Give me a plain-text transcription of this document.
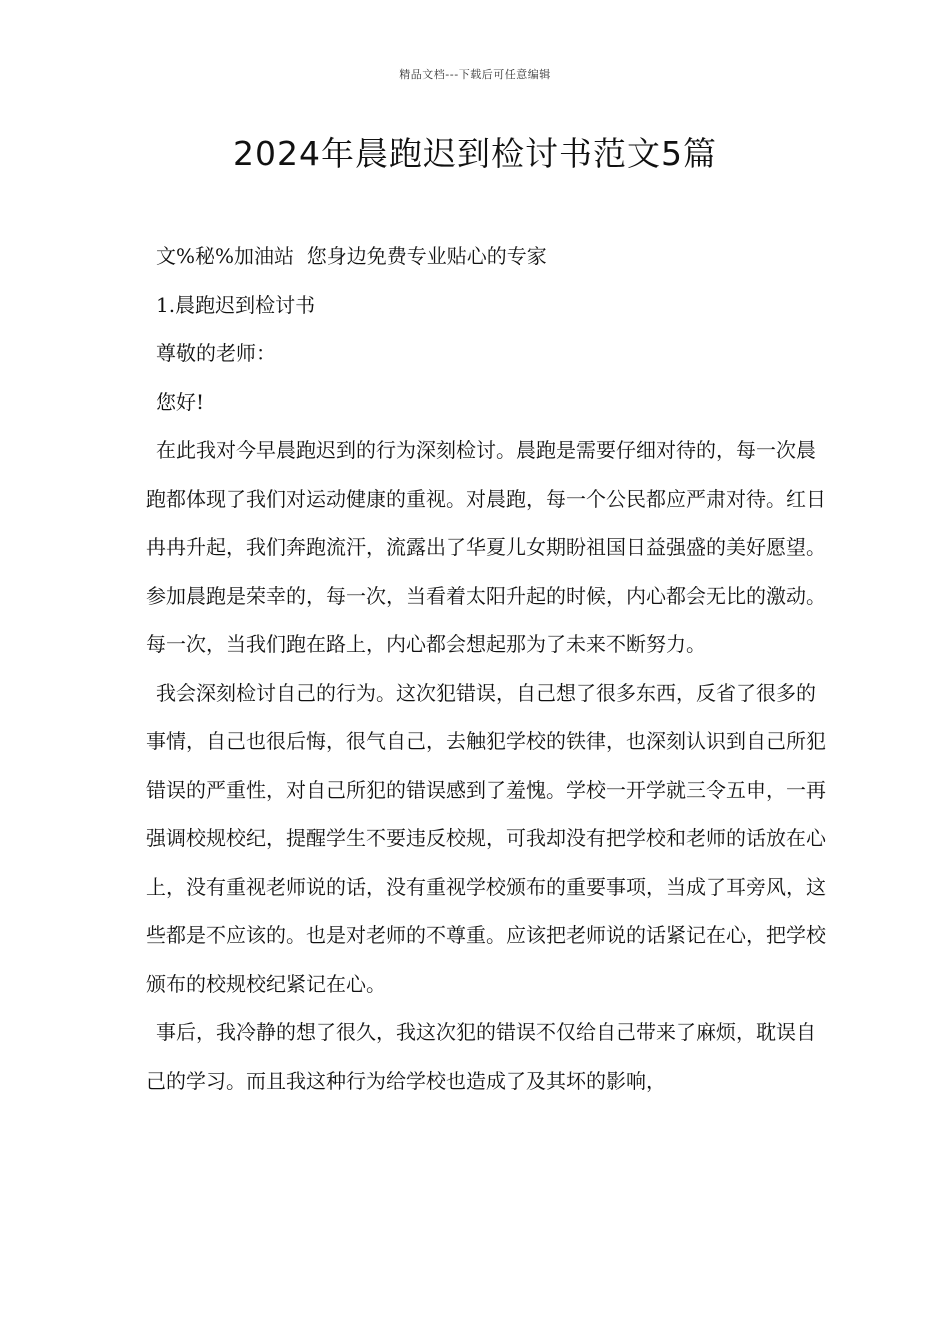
精品文档---下载后可任意编辑
2024年晨跑迟到检讨书范文5篇

文%秘%加油站  您身边免费专业贴心的专家

1.晨跑迟到检讨书

尊敬的老师：

您好!

在此我对今早晨跑迟到的行为深刻检讨。晨跑是需要仔细对待的，每一次晨跑都体现了我们对运动健康的重视。对晨跑，每一个公民都应严肃对待。红日冉冉升起，我们奔跑流汗，流露出了华夏儿女期盼祖国日益强盛的美好愿望。参加晨跑是荣幸的，每一次，当看着太阳升起的时候，内心都会无比的激动。每一次，当我们跑在路上，内心都会想起那为了未来不断努力。

我会深刻检讨自己的行为。这次犯错误，自己想了很多东西，反省了很多的事情，自己也很后悔，很气自己，去触犯学校的铁律，也深刻认识到自己所犯错误的严重性，对自己所犯的错误感到了羞愧。学校一开学就三令五申，一再强调校规校纪，提醒学生不要违反校规，可我却没有把学校和老师的话放在心上，没有重视老师说的话，没有重视学校颁布的重要事项，当成了耳旁风，这些都是不应该的。也是对老师的不尊重。应该把老师说的话紧记在心，把学校颁布的校规校纪紧记在心。

事后，我冷静的想了很久，我这次犯的错误不仅给自己带来了麻烦，耽误自己的学习。而且我这种行为给学校也造成了及其坏的影响，
